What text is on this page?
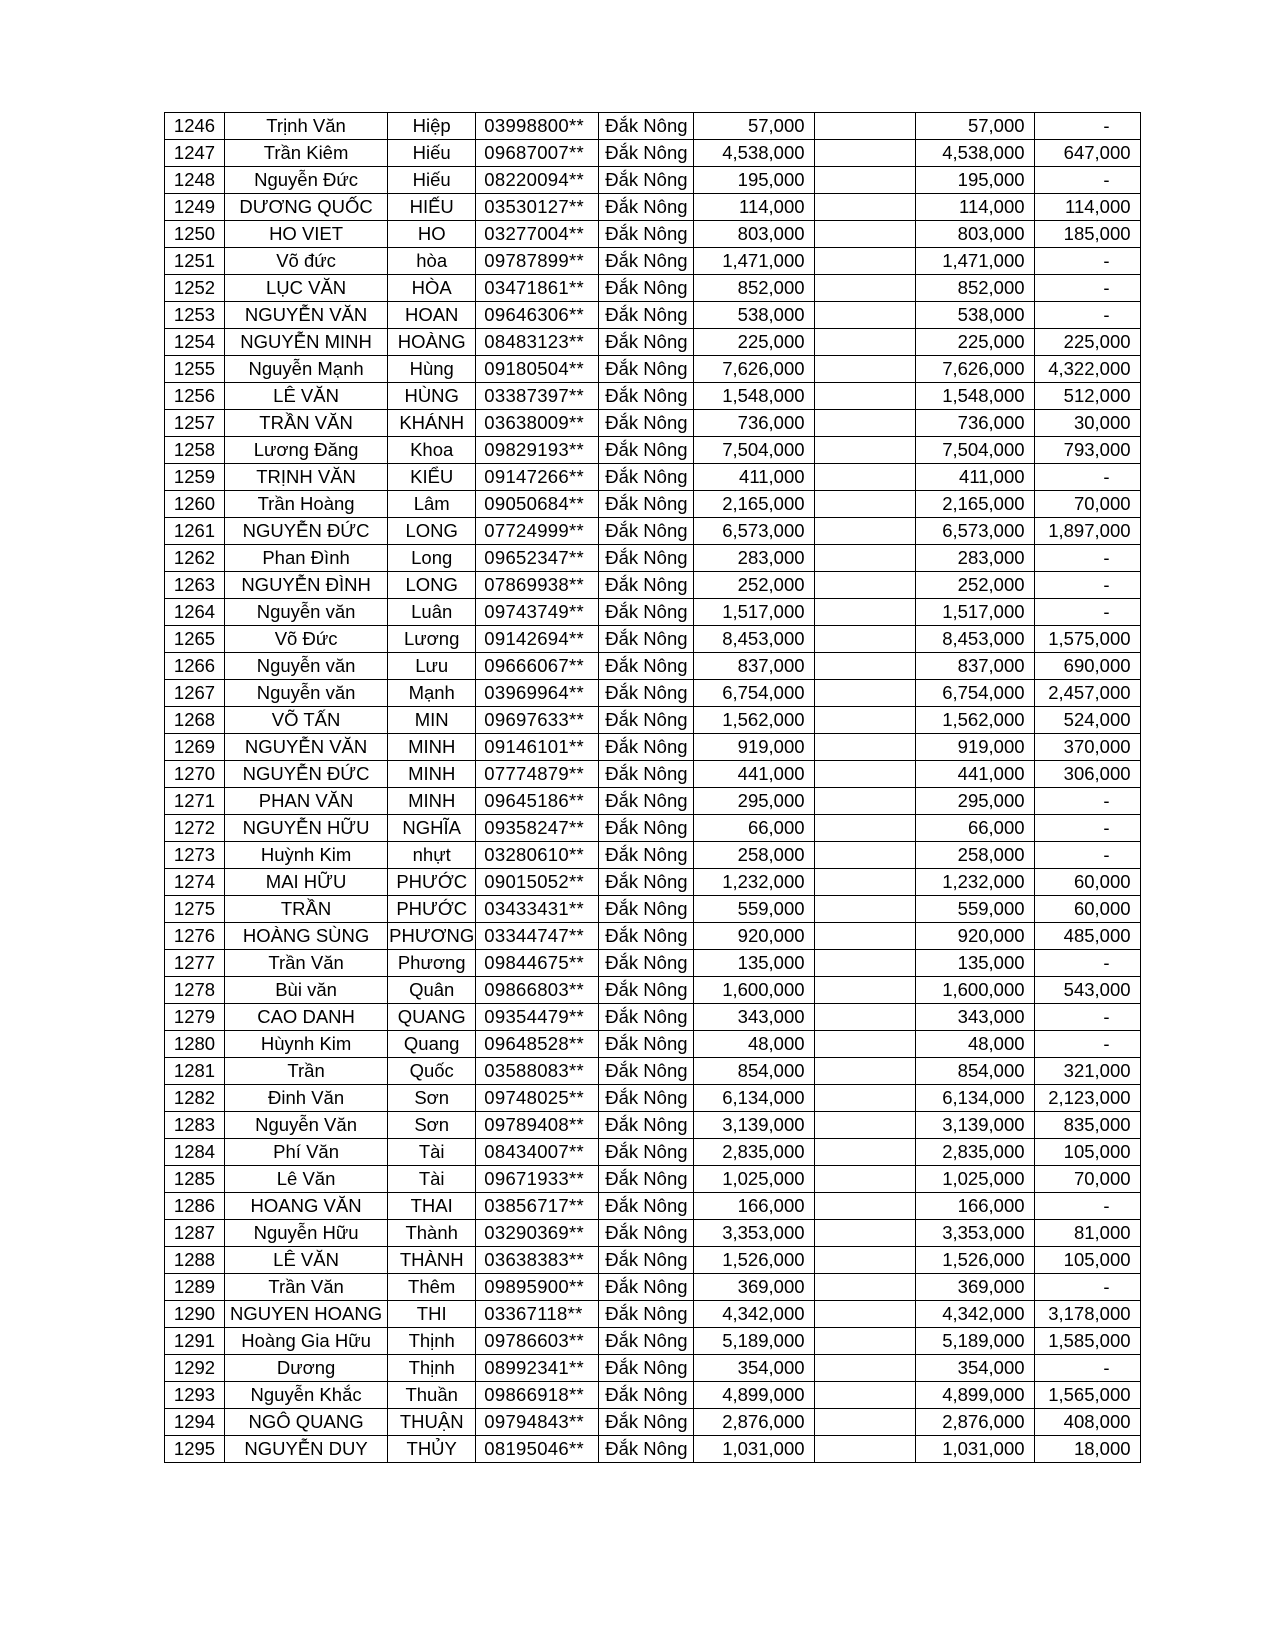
1246	Trịnh Văn	Hiệp	03998800**	Đắk Nông	57,000		57,000	-
1247	Trần Kiêm	Hiếu	09687007**	Đắk Nông	4,538,000		4,538,000	647,000
1248	Nguyễn Đức	Hiếu	08220094**	Đắk Nông	195,000		195,000	-
1249	DƯƠNG QUỐC	HIẾU	03530127**	Đắk Nông	114,000		114,000	114,000
1250	HO VIET	HO	03277004**	Đắk Nông	803,000		803,000	185,000
1251	Võ đức	hòa	09787899**	Đắk Nông	1,471,000		1,471,000	-
1252	LỤC VĂN	HÒA	03471861**	Đắk Nông	852,000		852,000	-
1253	NGUYỄN VĂN	HOAN	09646306**	Đắk Nông	538,000		538,000	-
1254	NGUYỄN MINH	HOÀNG	08483123**	Đắk Nông	225,000		225,000	225,000
1255	Nguyễn Mạnh	Hùng	09180504**	Đắk Nông	7,626,000		7,626,000	4,322,000
1256	LÊ VĂN	HÙNG	03387397**	Đắk Nông	1,548,000		1,548,000	512,000
1257	TRẦN VĂN	KHÁNH	03638009**	Đắk Nông	736,000		736,000	30,000
1258	Lương Đăng	Khoa	09829193**	Đắk Nông	7,504,000		7,504,000	793,000
1259	TRỊNH VĂN	KIỂU	09147266**	Đắk Nông	411,000		411,000	-
1260	Trần Hoàng	Lâm	09050684**	Đắk Nông	2,165,000		2,165,000	70,000
1261	NGUYỄN ĐỨC	LONG	07724999**	Đắk Nông	6,573,000		6,573,000	1,897,000
1262	Phan Đình	Long	09652347**	Đắk Nông	283,000		283,000	-
1263	NGUYỄN ĐÌNH	LONG	07869938**	Đắk Nông	252,000		252,000	-
1264	Nguyễn văn	Luân	09743749**	Đắk Nông	1,517,000		1,517,000	-
1265	Võ Đức	Lương	09142694**	Đắk Nông	8,453,000		8,453,000	1,575,000
1266	Nguyễn văn	Lưu	09666067**	Đắk Nông	837,000		837,000	690,000
1267	Nguyễn văn	Mạnh	03969964**	Đắk Nông	6,754,000		6,754,000	2,457,000
1268	VÕ TẤN	MIN	09697633**	Đắk Nông	1,562,000		1,562,000	524,000
1269	NGUYỄN VĂN	MINH	09146101**	Đắk Nông	919,000		919,000	370,000
1270	NGUYỄN ĐỨC	MINH	07774879**	Đắk Nông	441,000		441,000	306,000
1271	PHAN VĂN	MINH	09645186**	Đắk Nông	295,000		295,000	-
1272	NGUYỄN HỮU	NGHĨA	09358247**	Đắk Nông	66,000		66,000	-
1273	Huỳnh Kim	nhựt	03280610**	Đắk Nông	258,000		258,000	-
1274	MAI HỮU	PHƯỚC	09015052**	Đắk Nông	1,232,000		1,232,000	60,000
1275	TRẦN	PHƯỚC	03433431**	Đắk Nông	559,000		559,000	60,000
1276	HOÀNG SÙNG	PHƯƠNG	03344747**	Đắk Nông	920,000		920,000	485,000
1277	Trần Văn	Phương	09844675**	Đắk Nông	135,000		135,000	-
1278	Bùi văn	Quân	09866803**	Đắk Nông	1,600,000		1,600,000	543,000
1279	CAO DANH	QUANG	09354479**	Đắk Nông	343,000		343,000	-
1280	Hùynh Kim	Quang	09648528**	Đắk Nông	48,000		48,000	-
1281	Trần	Quốc	03588083**	Đắk Nông	854,000		854,000	321,000
1282	Đinh Văn	Sơn	09748025**	Đắk Nông	6,134,000		6,134,000	2,123,000
1283	Nguyễn Văn	Sơn	09789408**	Đắk Nông	3,139,000		3,139,000	835,000
1284	Phí Văn	Tài	08434007**	Đắk Nông	2,835,000		2,835,000	105,000
1285	Lê Văn	Tài	09671933**	Đắk Nông	1,025,000		1,025,000	70,000
1286	HOANG VĂN	THAI	03856717**	Đắk Nông	166,000		166,000	-
1287	Nguyễn Hữu	Thành	03290369**	Đắk Nông	3,353,000		3,353,000	81,000
1288	LÊ VĂN	THÀNH	03638383**	Đắk Nông	1,526,000		1,526,000	105,000
1289	Trần Văn	Thêm	09895900**	Đắk Nông	369,000		369,000	-
1290	NGUYEN HOANG	THI	03367118**	Đắk Nông	4,342,000		4,342,000	3,178,000
1291	Hoàng Gia Hữu	Thịnh	09786603**	Đắk Nông	5,189,000		5,189,000	1,585,000
1292	Dương	Thịnh	08992341**	Đắk Nông	354,000		354,000	-
1293	Nguyễn Khắc	Thuần	09866918**	Đắk Nông	4,899,000		4,899,000	1,565,000
1294	NGÔ QUANG	THUẬN	09794843**	Đắk Nông	2,876,000		2,876,000	408,000
1295	NGUYỄN DUY	THỦY	08195046**	Đắk Nông	1,031,000		1,031,000	18,000
